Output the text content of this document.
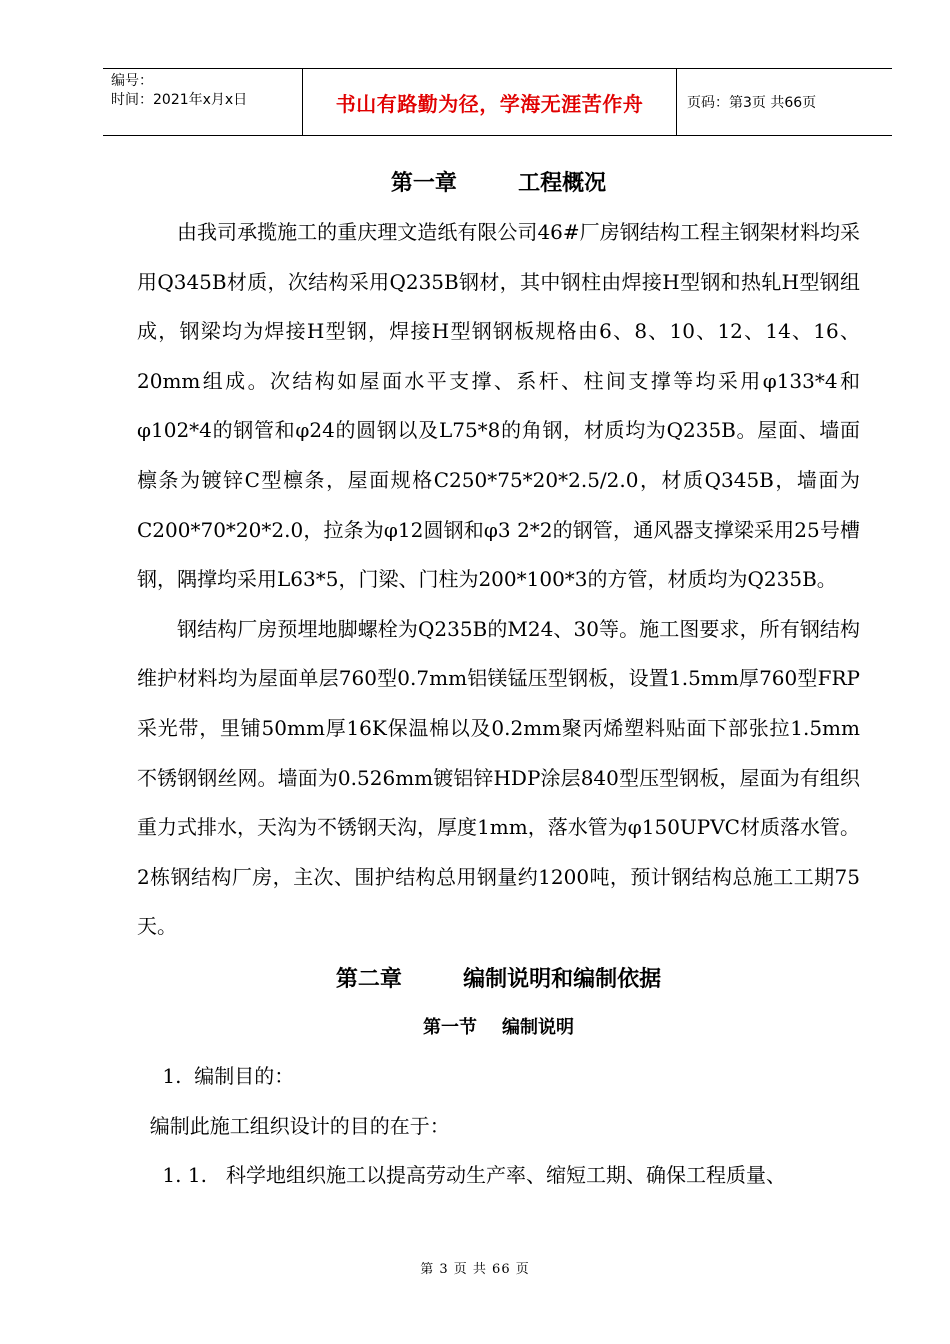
编号：
时间：2021年x月x日	书山有路勤为径，学海无涯苦作舟	页码：第3页 共66页
第一章        工程概况

由我司承揽施工的重庆理文造纸有限公司46#厂房钢结构工程主钢架材料均采用Q345B材质，次结构采用Q235B钢材，其中钢柱由焊接H型钢和热轧H型钢组成，钢梁均为焊接H型钢，焊接H型钢钢板规格由6、8、10、12、14、16、20mm组成。次结构如屋面水平支撑、系杆、柱间支撑等均采用φ133*4和φ102*4的钢管和φ24的圆钢以及L75*8的角钢，材质均为Q235B。屋面、墙面檩条为镀锌C型檩条，屋面规格C250*75*20*2.5/2.0，材质Q345B，墙面为C200*70*20*2.0，拉条为φ12圆钢和φ3 2*2的钢管，通风器支撑梁采用25号槽钢，隅撑均采用L63*5，门梁、门柱为200*100*3的方管，材质均为Q235B。

钢结构厂房预埋地脚螺栓为Q235B的M24、30等。施工图要求，所有钢结构维护材料均为屋面单层760型0.7mm铝镁锰压型钢板，设置1.5mm厚760型FRP采光带，里铺50mm厚16K保温棉以及0.2mm聚丙烯塑料贴面下部张拉1.5mm不锈钢钢丝网。墙面为0.526mm镀铝锌HDP涂层840型压型钢板，屋面为有组织重力式排水，天沟为不锈钢天沟，厚度1mm，落水管为φ150UPVC材质落水管。2栋钢结构厂房，主次、围护结构总用钢量约1200吨，预计钢结构总施工工期75天。

第二章        编制说明和编制依据
第一节    编制说明

1.  编制目的：

编制此施工组织设计的目的在于：

1. 1.   科学地组织施工以提高劳动生产率、缩短工期、确保工程质量、

第 3 页 共 66 页
